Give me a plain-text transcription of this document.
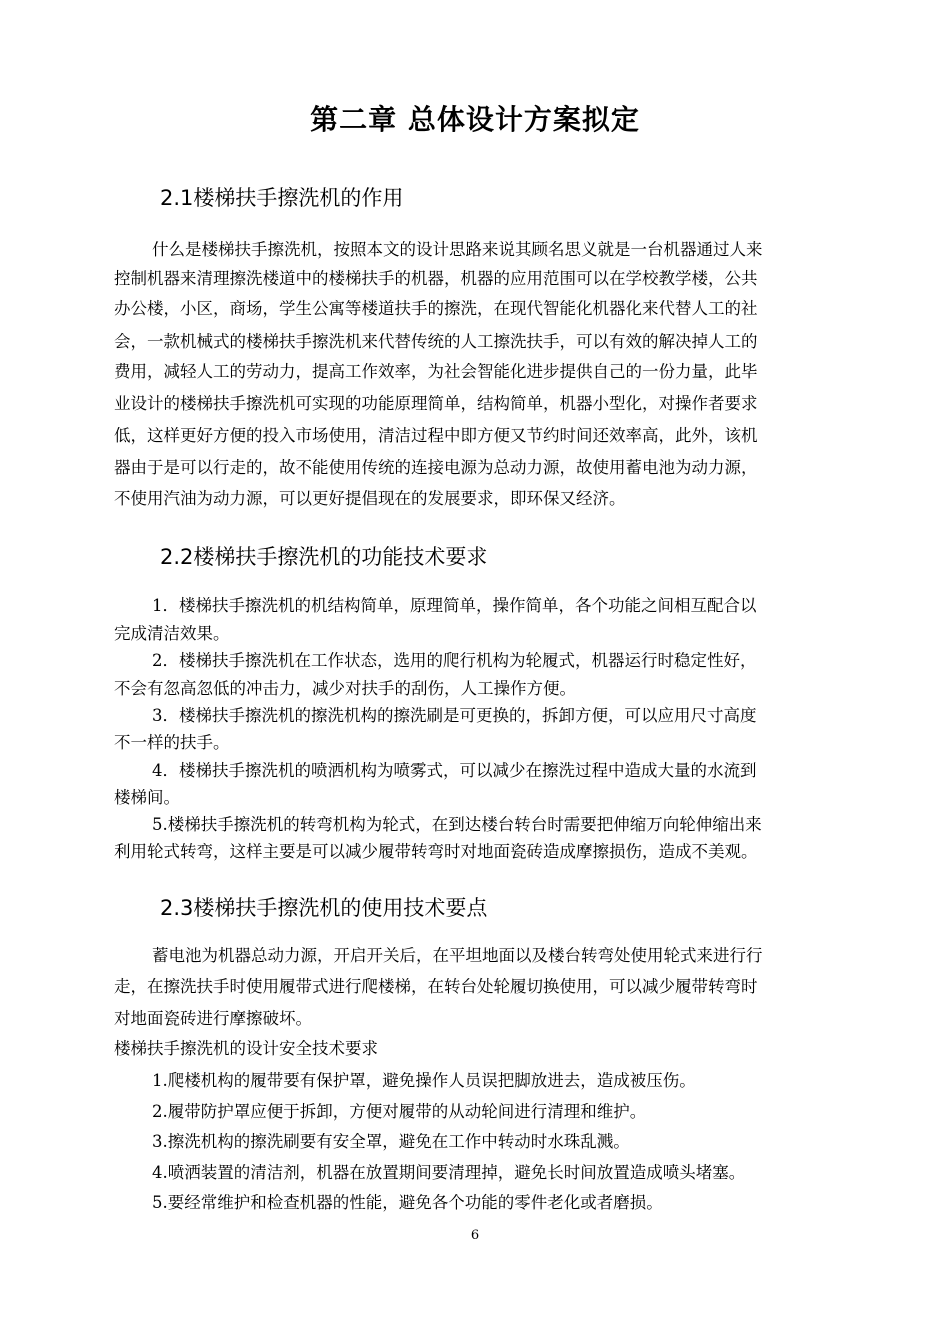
第二章 总体设计方案拟定
2.1楼梯扶手擦洗机的作用
什么是楼梯扶手擦洗机，按照本文的设计思路来说其顾名思义就是一台机器通过人来
控制机器来清理擦洗楼道中的楼梯扶手的机器，机器的应用范围可以在学校教学楼，公共
办公楼，小区，商场，学生公寓等楼道扶手的擦洗，在现代智能化机器化来代替人工的社
会，一款机械式的楼梯扶手擦洗机来代替传统的人工擦洗扶手，可以有效的解决掉人工的
费用，减轻人工的劳动力，提高工作效率，为社会智能化进步提供自己的一份力量，此毕
业设计的楼梯扶手擦洗机可实现的功能原理简单，结构简单，机器小型化，对操作者要求
低，这样更好方便的投入市场使用，清洁过程中即方便又节约时间还效率高，此外，该机
器由于是可以行走的，故不能使用传统的连接电源为总动力源，故使用蓄电池为动力源，
不使用汽油为动力源，可以更好提倡现在的发展要求，即环保又经济。
2.2楼梯扶手擦洗机的功能技术要求
1．楼梯扶手擦洗机的机结构简单，原理简单，操作简单，各个功能之间相互配合以
完成清洁效果。
2．楼梯扶手擦洗机在工作状态，选用的爬行机构为轮履式，机器运行时稳定性好，
不会有忽高忽低的冲击力，减少对扶手的刮伤，人工操作方便。
3．楼梯扶手擦洗机的擦洗机构的擦洗刷是可更换的，拆卸方便，可以应用尺寸高度
不一样的扶手。
4．楼梯扶手擦洗机的喷洒机构为喷雾式，可以减少在擦洗过程中造成大量的水流到
楼梯间。
5.楼梯扶手擦洗机的转弯机构为轮式，在到达楼台转台时需要把伸缩万向轮伸缩出来
利用轮式转弯，这样主要是可以减少履带转弯时对地面瓷砖造成摩擦损伤，造成不美观。
2.3楼梯扶手擦洗机的使用技术要点
蓄电池为机器总动力源，开启开关后，在平坦地面以及楼台转弯处使用轮式来进行行
走，在擦洗扶手时使用履带式进行爬楼梯，在转台处轮履切换使用，可以减少履带转弯时
对地面瓷砖进行摩擦破坏。
楼梯扶手擦洗机的设计安全技术要求
1.爬楼机构的履带要有保护罩，避免操作人员误把脚放进去，造成被压伤。
2.履带防护罩应便于拆卸，方便对履带的从动轮间进行清理和维护。
3.擦洗机构的擦洗刷要有安全罩，避免在工作中转动时水珠乱溅。
4.喷洒装置的清洁剂，机器在放置期间要清理掉，避免长时间放置造成喷头堵塞。
5.要经常维护和检查机器的性能，避免各个功能的零件老化或者磨损。
6
